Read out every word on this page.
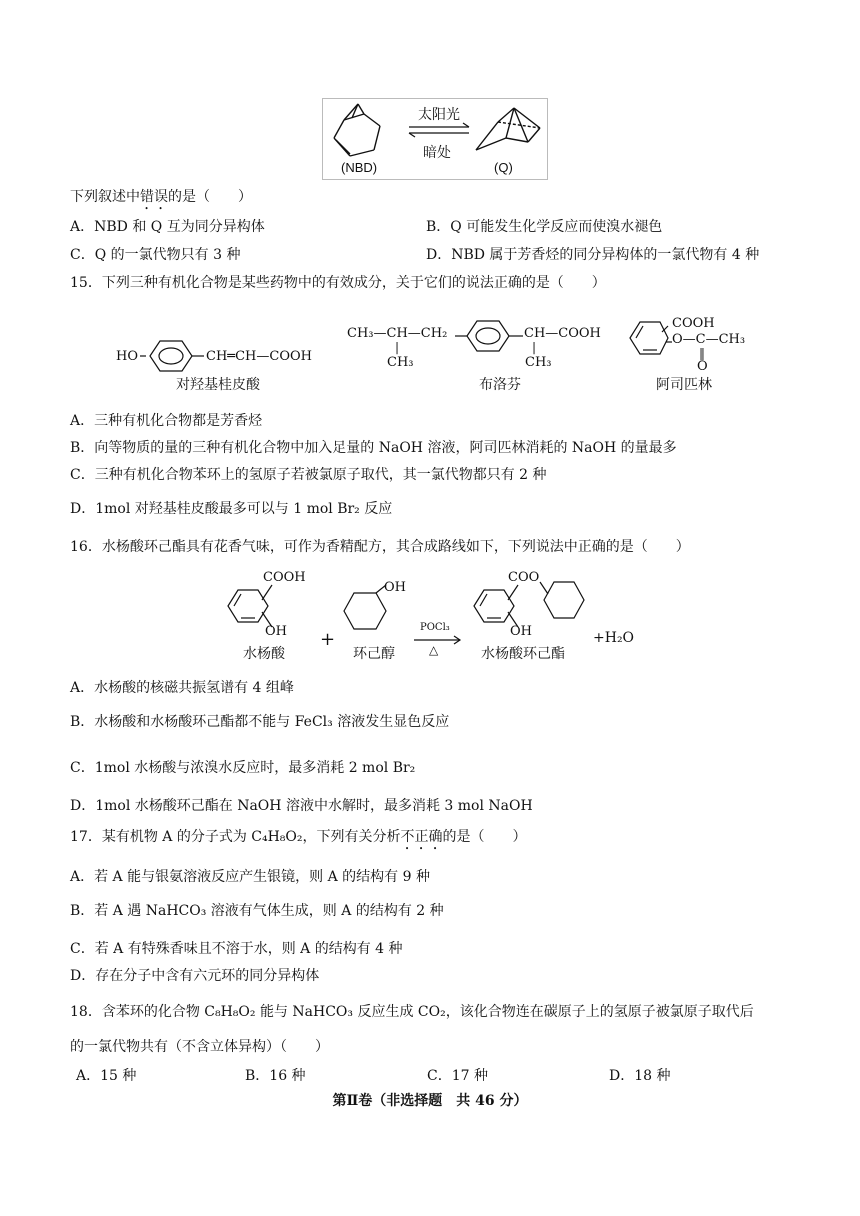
(NBD)
太阳光
暗处
(Q)
下列叙述中错误的是（　　）
A．NBD 和 Q 互为同分异构体	B．Q 可能发生化学反应而使溴水褪色
C．Q 的一氯代物只有 3 种	D．NBD 属于芳香烃的同分异构体的一氯代物有 4 种
15．下列三种有机化合物是某些药物中的有效成分，关于它们的说法正确的是（　　）
HO	CH═CH—COOH
对羟基桂皮酸
CH₃—CH—CH₂
|
CH₃
CH—COOH
|
CH₃
布洛芬
COOH
O—C—CH₃
‖
O
阿司匹林
A．三种有机化合物都是芳香烃
B．向等物质的量的三种有机化合物中加入足量的 NaOH 溶液，阿司匹林消耗的 NaOH 的量最多
C．三种有机化合物苯环上的氢原子若被氯原子取代，其一氯代物都只有 2 种
D．1mol 对羟基桂皮酸最多可以与 1 mol Br₂ 反应
16．水杨酸环己酯具有花香气味，可作为香精配方，其合成路线如下，下列说法中正确的是（　　）
COOH
OH
水杨酸
+
OH
环己醇
POCl₃
△
COO
OH
水杨酸环己酯
+H₂O
A．水杨酸的核磁共振氢谱有 4 组峰
B．水杨酸和水杨酸环己酯都不能与 FeCl₃ 溶液发生显色反应
C．1mol 水杨酸与浓溴水反应时，最多消耗 2 mol Br₂
D．1mol 水杨酸环己酯在 NaOH 溶液中水解时，最多消耗 3 mol NaOH
17．某有机物 A 的分子式为 C₄H₈O₂，下列有关分析不正确的是（　　）
A．若 A 能与银氨溶液反应产生银镜，则 A 的结构有 9 种
B．若 A 遇 NaHCO₃ 溶液有气体生成，则 A 的结构有 2 种
C．若 A 有特殊香味且不溶于水，则 A 的结构有 4 种
D．存在分子中含有六元环的同分异构体
18．含苯环的化合物 C₈H₈O₂ 能与 NaHCO₃ 反应生成 CO₂，该化合物连在碳原子上的氢原子被氯原子取代后
的一氯代物共有（不含立体异构）（　　）
A．15 种	B．16 种	C．17 种	D．18 种
第Ⅱ卷（非选择题　共 46 分）
